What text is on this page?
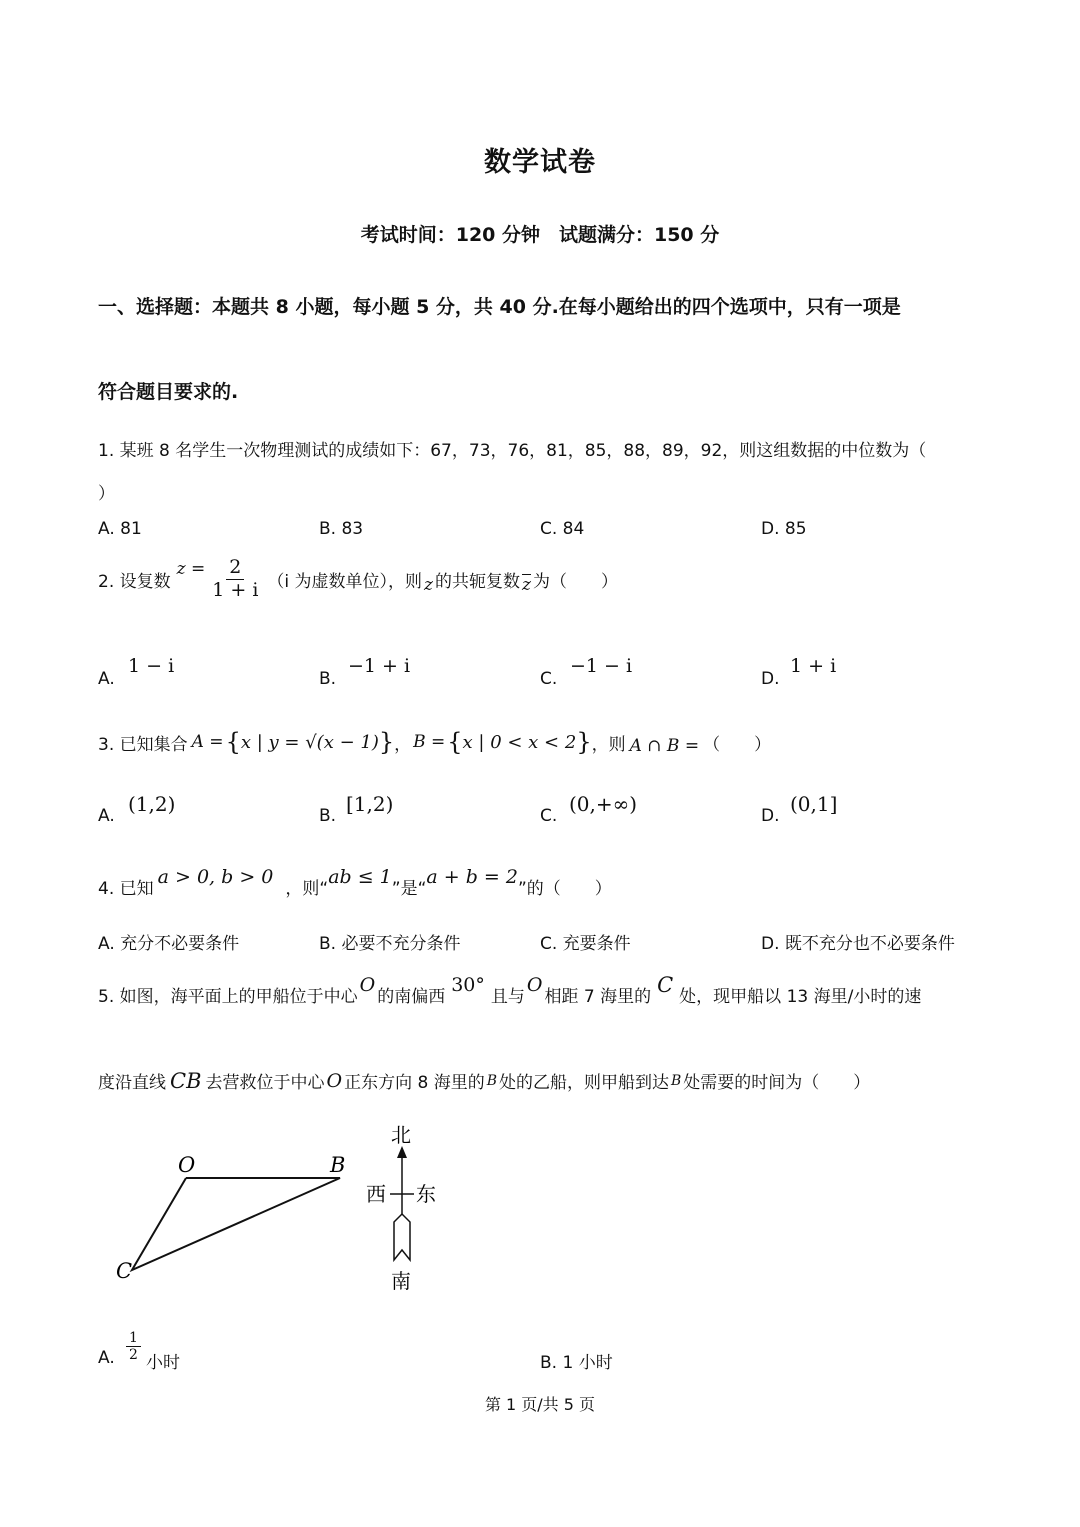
数学试卷
考试时间：120 分钟　试题满分：150 分
一、选择题：本题共 8 小题，每小题 5 分，共 40 分.在每小题给出的四个选项中，只有一项是
符合题目要求的.
1. 某班 8 名学生一次物理测试的成绩如下：67，73，76，81，85，88，89，92，则这组数据的中位数为（
）
A. 81	B. 83	C. 84	D. 85
2. 设复数
$z = \frac{2}{1 + i} (i$ 为虚数单位），则 z 的共轭复数 $\overline{z}$ 为（　　）
A.
1 − i
B.
−1 + i
C.
−1 − i
D.
1 + i
3. 已知集合 A = { x | y = √(x − 1) } ， B = { x | 0 < x < 2 } ，则 A ∩ B = （　　）
A. (1,2)	B. [1,2)	C. (0,+∞)	D. (0,1]
4. 已知
a > 0, b > 0
，则“
ab ≤ 1
”是“
a + b = 2
”的（　　）
A. 充分不必要条件	B. 必要不充分条件	C. 充要条件	D. 既不充分也不必要条件
5. 如图，海平面上的甲船位于中心
O
的南偏西
30°
且与
O
相距 7 海里的
C
处，现甲船以 13 海里/小时的速
度沿直线 CB 去营救位于中心 O 正东方向 8 海里的 B 处的乙船，则甲船到达 B 处需要的时间为（　　）
O	B
C
北
西 东
南
A. $\frac{1}{2}$ 小时	B. 1 小时
第 1 页/共 5 页
